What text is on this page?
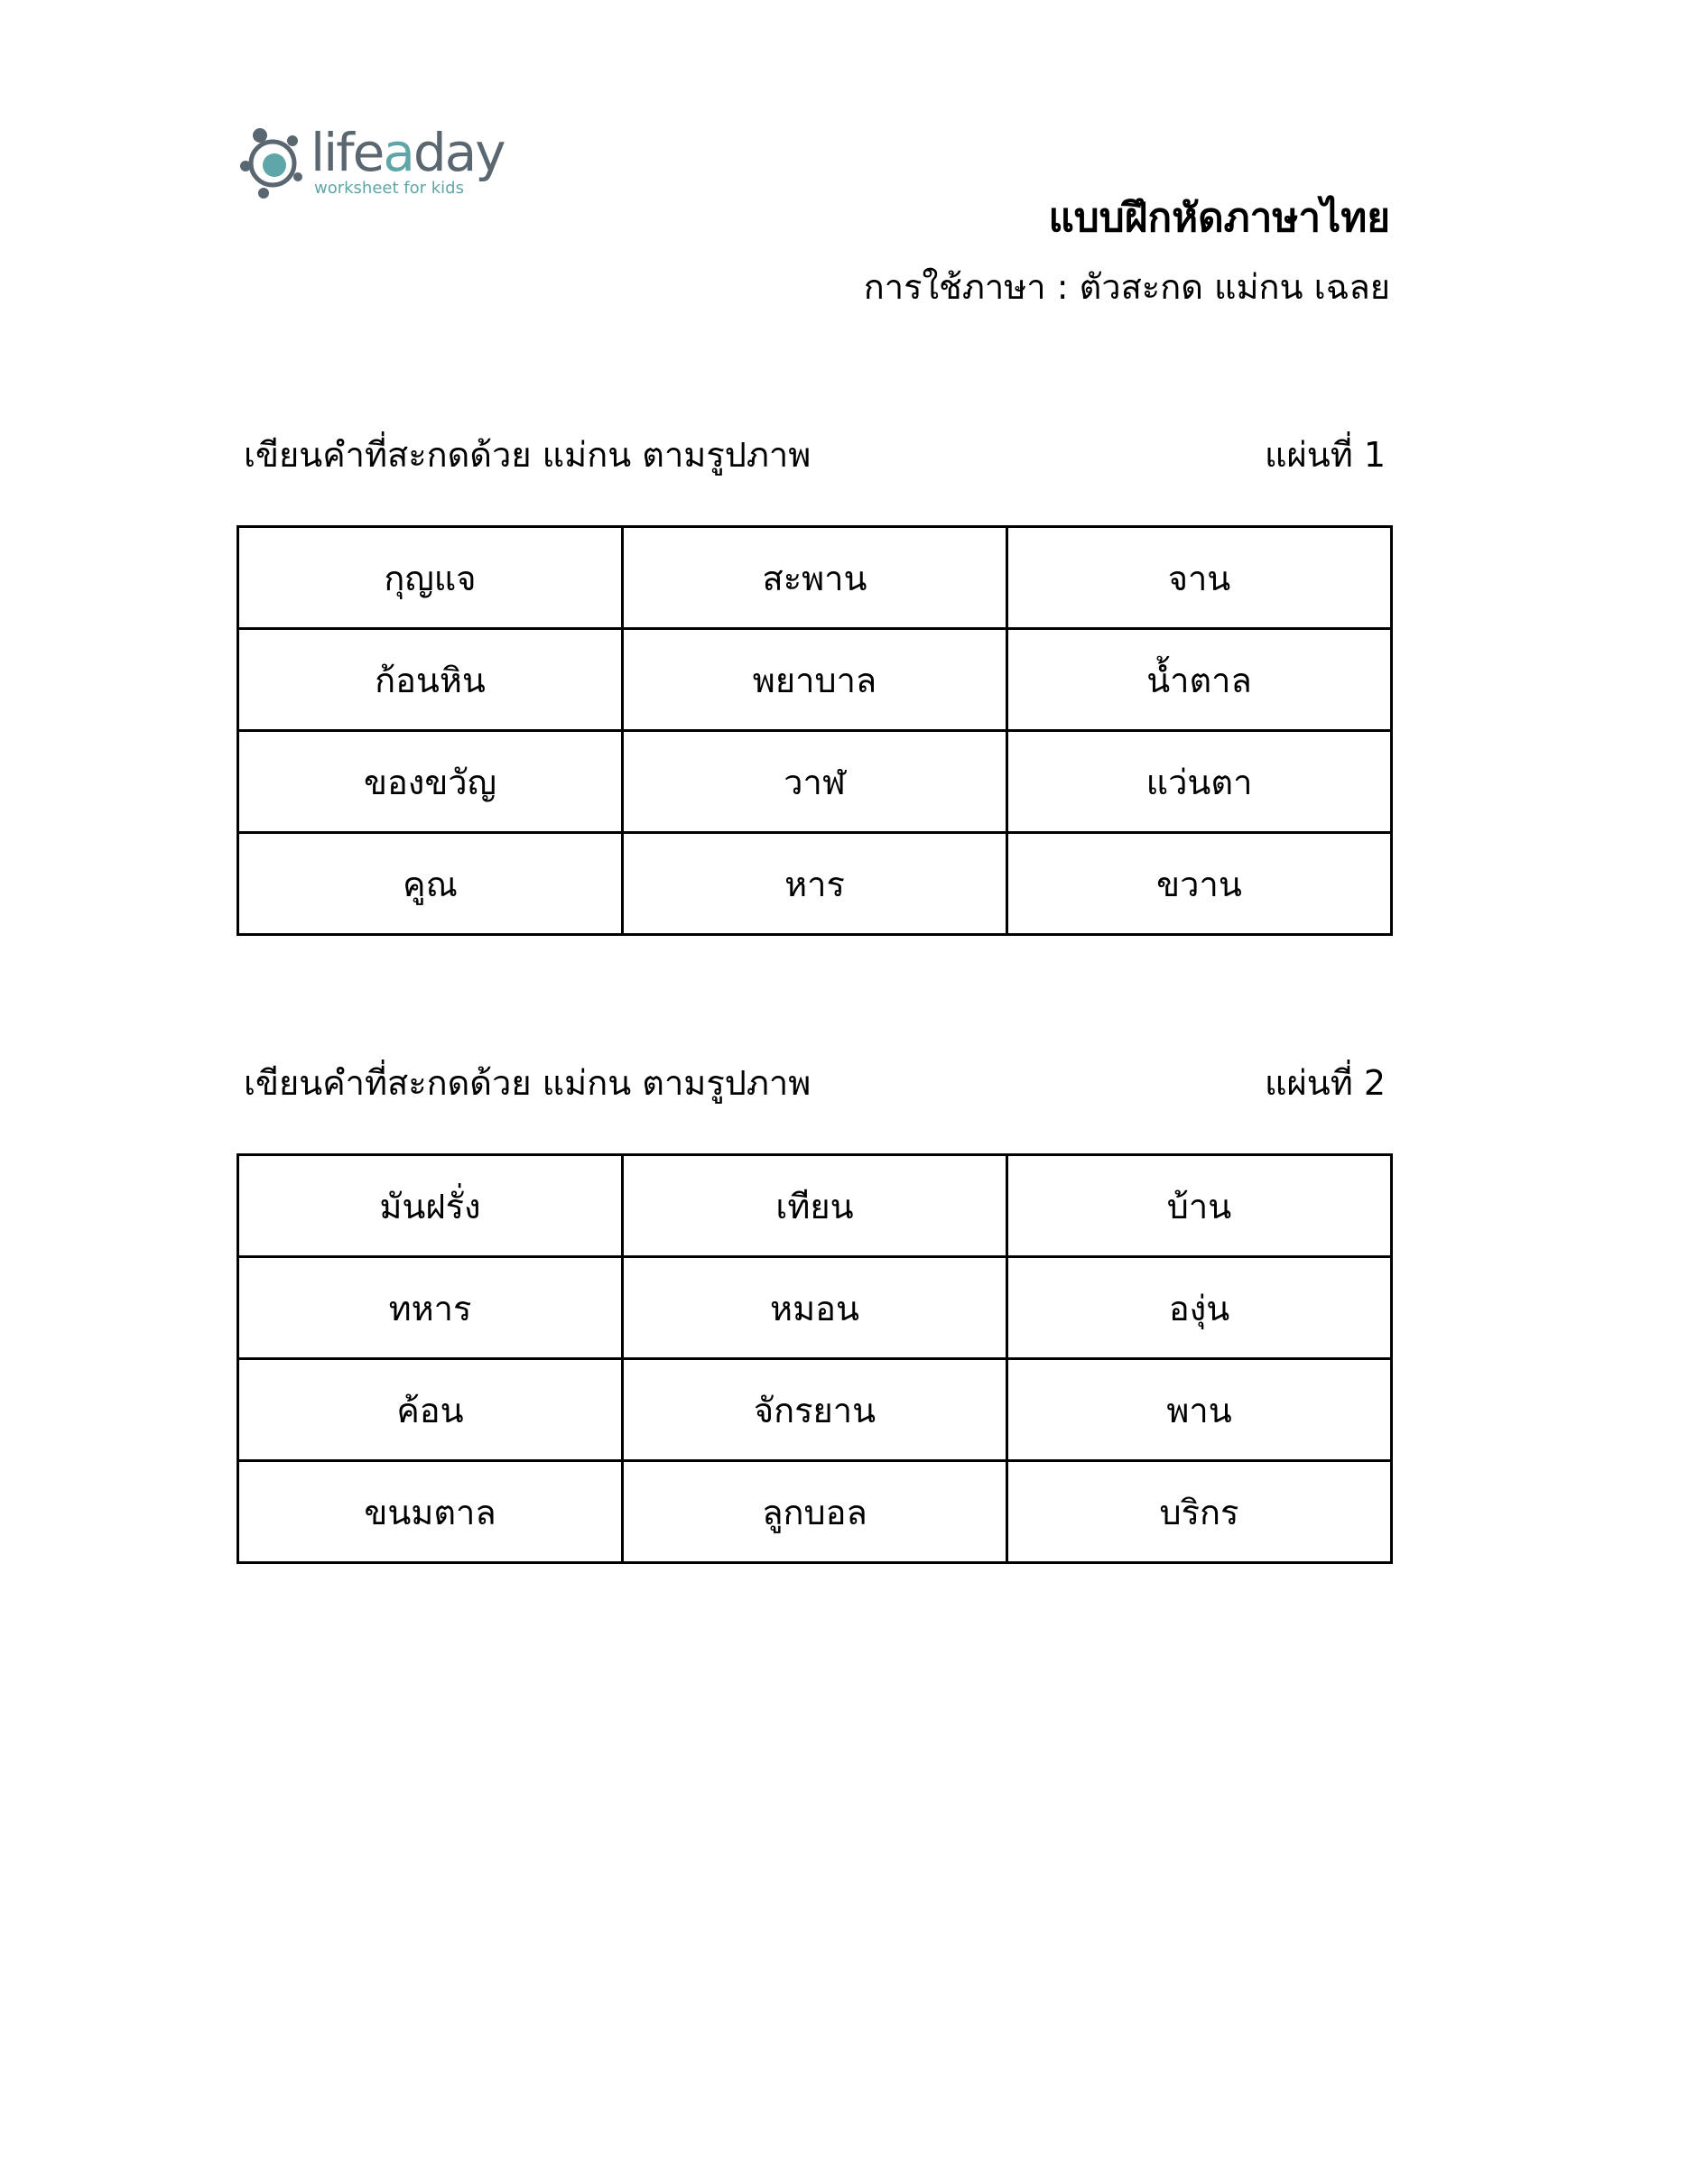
lifeaday
worksheet for kids
แบบฝึกหัดภาษาไทย
การใช้ภาษา : ตัวสะกด แม่กน เฉลย
เขียนคำที่สะกดด้วย แม่กน ตามรูปภาพ	แผ่นที่ 1
กุญแจ	สะพาน	จาน
ก้อนหิน	พยาบาล	น้ำตาล
ของขวัญ	วาฬ	แว่นตา
คูณ	หาร	ขวาน
เขียนคำที่สะกดด้วย แม่กน ตามรูปภาพ	แผ่นที่ 2
มันฝรั่ง	เทียน	บ้าน
ทหาร	หมอน	องุ่น
ค้อน	จักรยาน	พาน
ขนมตาล	ลูกบอล	บริกร
